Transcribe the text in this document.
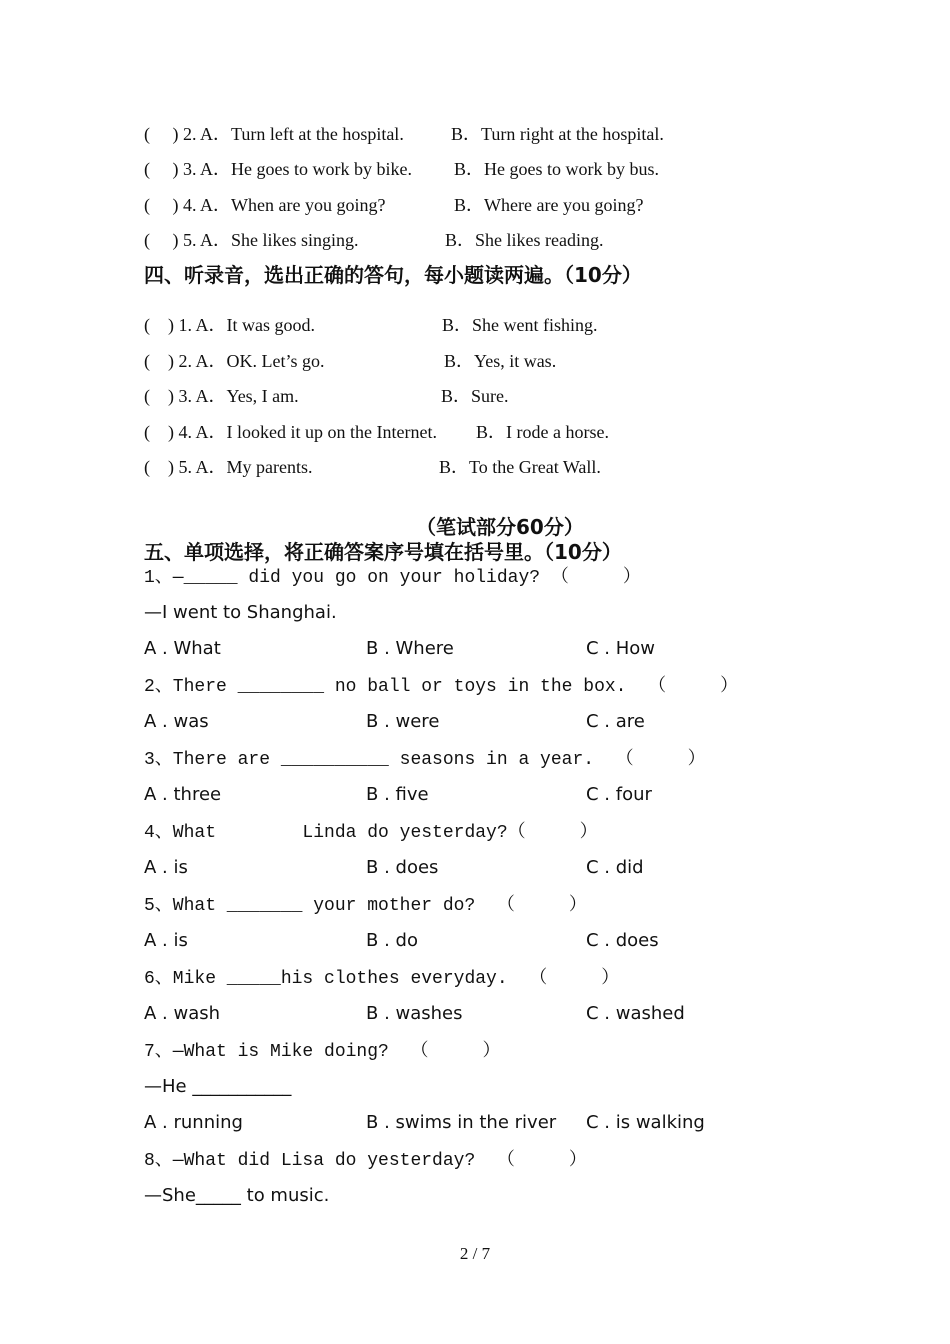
(     ) 2. A．Turn left at the hospital.	B．Turn right at the hospital.
(     ) 3. A．He goes to work by bike. B．He goes to work by bus.
(     ) 4. A．When are you going?	B．Where are you going?
(     ) 5. A．She likes singing.	B．She likes reading.
四、听录音，选出正确的答句，每小题读两遍。（10分）
(    ) 1. A．It was good.	B．She went fishing.
(    ) 2. A．OK. Let’s go.	B．Yes, it was.
(    ) 3. A．Yes, I am.	B．Sure.
(    ) 4. A．I looked it up on the Internet. B．I rode a horse.
(    ) 5. A．My parents.	B．To the Great Wall.
（笔试部分60分）
五、单项选择，将正确答案序号填在括号里。（10分）
1、—_____ did you go on your holiday? （     ）
—I went to Shanghai.
A . What	B . Where	C . How
2、There ________ no ball or toys in the box.  （     ）
A . was	B . were	C . are
3、There are __________ seasons in a year.  （     ）
A . three	B . five	C . four
4、What        Linda do yesterday?（     ）
A . is	B . does	C . did
5、What _______ your mother do?  （     ）
A . is	B . do	C . does
6、Mike _____his clothes everyday.  （     ）
A . wash	B . washes	C . washed
7、—What is Mike doing?  （     ）
—He ___________
A . running	B . swims in the river C . is walking
8、—What did Lisa do yesterday?  （     ）
—She_____ to music.
2 / 7
